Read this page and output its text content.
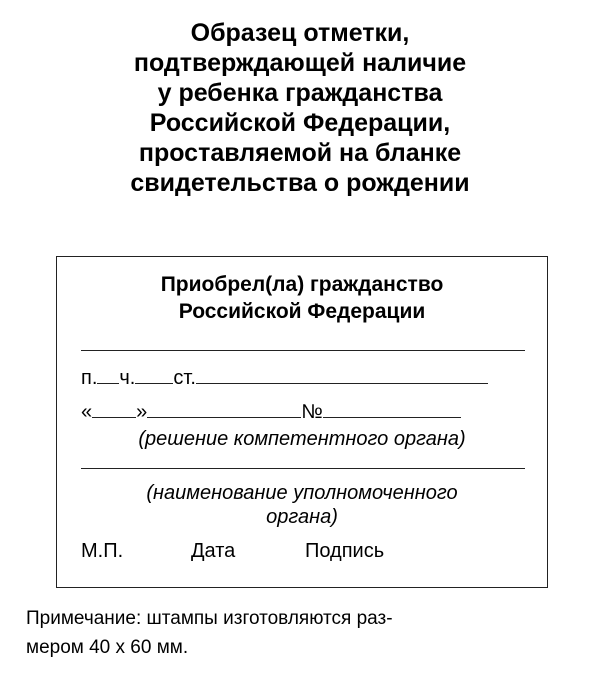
Образец отметки,
подтверждающей наличие
у ребенка гражданства
Российской Федерации,
проставляемой на бланке
свидетельства о рождении
Приобрел(ла) гражданство
Российской Федерации
п. ч. ст.
« »	№
(решение компетентного органа)
(наименование уполномоченного
органа)
М.П.	Дата	Подпись
Примечание: штампы изготовляются раз-
мером 40 х 60 мм.
